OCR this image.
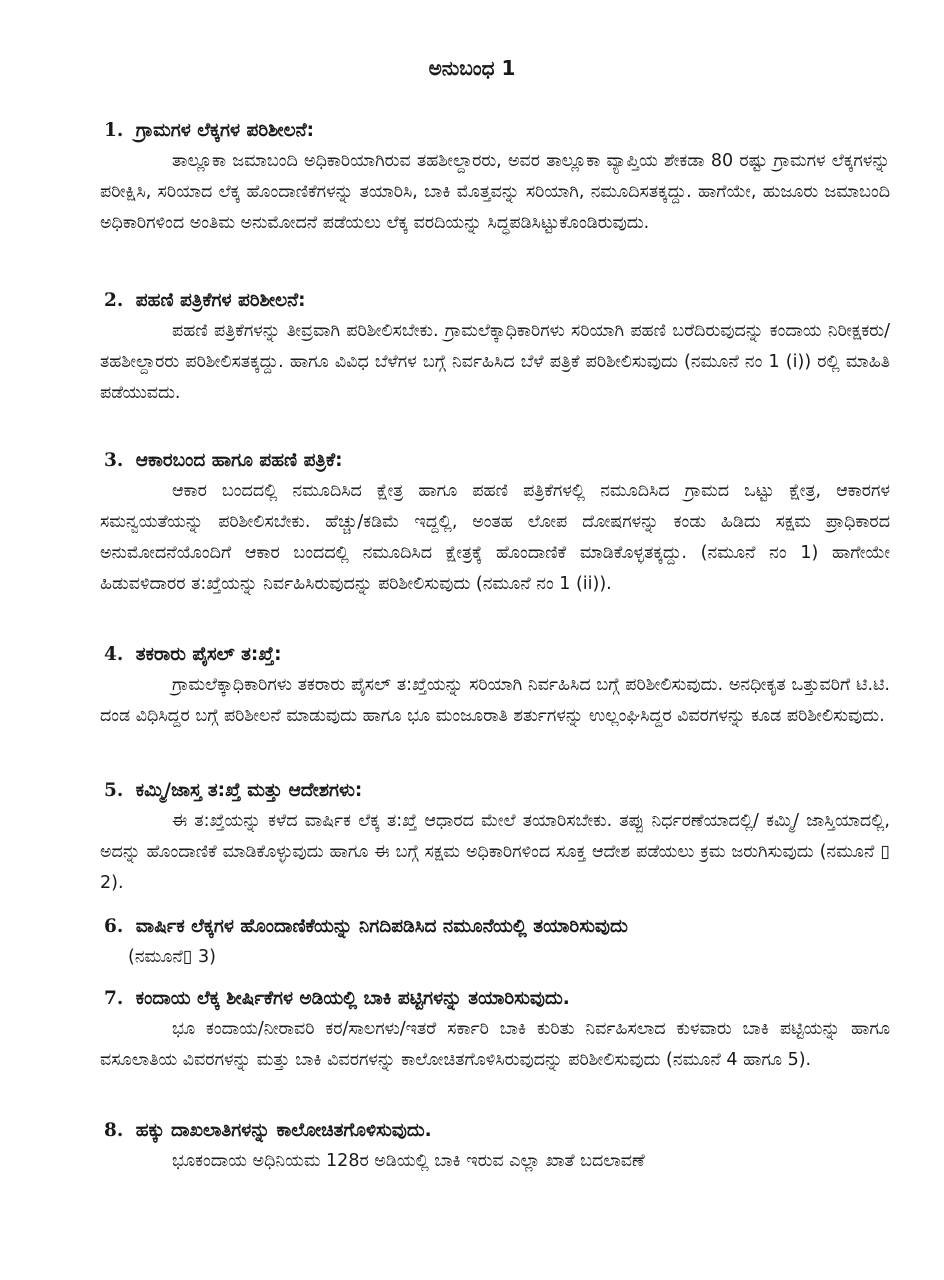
ಅನುಬಂಧ 1
1. ಗ್ರಾಮಗಳ ಲೆಕ್ಕಗಳ ಪರಿಶೀಲನೆ:

ತಾಲ್ಲೂಕಾ ಜಮಾಬಂದಿ ಅಧಿಕಾರಿಯಾಗಿರುವ ತಹಶೀಲ್ದಾರರು, ಅವರ ತಾಲ್ಲೂಕಾ ವ್ಯಾಪ್ತಿಯ ಶೇಕಡಾ 80 ರಷ್ಟು ಗ್ರಾಮಗಳ ಲೆಕ್ಕಗಳನ್ನು ಪರೀಕ್ಷಿಸಿ, ಸರಿಯಾದ ಲೆಕ್ಕ ಹೊಂದಾಣಿಕೆಗಳನ್ನು ತಯಾರಿಸಿ, ಬಾಕಿ ಮೊತ್ತವನ್ನು ಸರಿಯಾಗಿ, ನಮೂದಿಸತಕ್ಕದ್ದು. ಹಾಗೆಯೇ, ಹುಜೂರು ಜಮಾಬಂದಿ ಅಧಿಕಾರಿಗಳಿಂದ ಅಂತಿಮ ಅನುಮೋದನೆ ಪಡೆಯಲು ಲೆಕ್ಕ ವರದಿಯನ್ನು ಸಿದ್ಧಪಡಿಸಿಟ್ಟುಕೊಂಡಿರುವುದು.

2. ಪಹಣಿ ಪತ್ರಿಕೆಗಳ ಪರಿಶೀಲನೆ:

ಪಹಣಿ ಪತ್ರಿಕೆಗಳನ್ನು ತೀವ್ರವಾಗಿ ಪರಿಶೀಲಿಸಬೇಕು. ಗ್ರಾಮಲೆಕ್ಕಾಧಿಕಾರಿಗಳು ಸರಿಯಾಗಿ ಪಹಣಿ ಬರೆದಿರುವುದನ್ನು ಕಂದಾಯ ನಿರೀಕ್ಷಕರು/ತಹಶೀಲ್ದಾರರು ಪರಿಶೀಲಿಸತಕ್ಕದ್ದು. ಹಾಗೂ ವಿವಿಧ ಬೆಳೆಗಳ ಬಗ್ಗೆ ನಿರ್ವಹಿಸಿದ ಬೆಳೆ ಪತ್ರಿಕೆ ಪರಿಶೀಲಿಸುವುದು (ನಮೂನೆ ನಂ 1 (i)) ರಲ್ಲಿ ಮಾಹಿತಿ ಪಡೆಯುವದು.

3. ಆಕಾರಬಂದ ಹಾಗೂ ಪಹಣಿ ಪತ್ರಿಕೆ:

ಆಕಾರ ಬಂದದಲ್ಲಿ ನಮೂದಿಸಿದ ಕ್ಷೇತ್ರ ಹಾಗೂ ಪಹಣಿ ಪತ್ರಿಕೆಗಳಲ್ಲಿ ನಮೂದಿಸಿದ ಗ್ರಾಮದ ಒಟ್ಟು ಕ್ಷೇತ್ರ, ಆಕಾರಗಳ ಸಮನ್ವಯತೆಯನ್ನು ಪರಿಶೀಲಿಸಬೇಕು. ಹೆಚ್ಚು/ಕಡಿಮೆ ಇದ್ದಲ್ಲಿ, ಅಂತಹ ಲೋಪ ದೋಷಗಳನ್ನು ಕಂಡು ಹಿಡಿದು ಸಕ್ಷಮ ಪ್ರಾಧಿಕಾರದ ಅನುಮೋದನೆಯೊಂದಿಗೆ ಆಕಾರ ಬಂದದಲ್ಲಿ ನಮೂದಿಸಿದ ಕ್ಷೇತ್ರಕ್ಕೆ ಹೊಂದಾಣಿಕೆ ಮಾಡಿಕೊಳ್ಳತಕ್ಕದ್ದು. (ನಮೂನೆ ನಂ 1) ಹಾಗೇಯೇ ಹಿಡುವಳಿದಾರರ ತ:ಖ್ತೆಯನ್ನು ನಿರ್ವಹಿಸಿರುವುದನ್ನು ಪರಿಶೀಲಿಸುವುದು (ನಮೂನೆ ನಂ 1 (ii)).

4. ತಕರಾರು ಪೈಸಲ್ ತ:ಖ್ತೆ:

ಗ್ರಾಮಲೆಕ್ಕಾಧಿಕಾರಿಗಳು ತಕರಾರು ಪೈಸಲ್ ತ:ಖ್ತೆಯನ್ನು ಸರಿಯಾಗಿ ನಿರ್ವಹಿಸಿದ ಬಗ್ಗೆ ಪರಿಶೀಲಿಸುವುದು. ಅನಧೀಕೃತ ಒತ್ತುವರಿಗೆ ಟಿ.ಟಿ. ದಂಡ ವಿಧಿಸಿದ್ದರ ಬಗ್ಗೆ ಪರಿಶೀಲನೆ ಮಾಡುವುದು ಹಾಗೂ ಭೂ ಮಂಜೂರಾತಿ ಶರ್ತುಗಳನ್ನು ಉಲ್ಲಂಘಿಸಿದ್ದರ ವಿವರಗಳನ್ನು ಕೂಡ ಪರಿಶೀಲಿಸುವುದು.

5. ಕಮ್ಮಿ/ಜಾಸ್ತ ತ:ಖ್ತೆ ಮತ್ತು ಆದೇಶಗಳು:

ಈ ತ:ಖ್ತೆಯನ್ನು ಕಳೆದ ವಾರ್ಷಿಕ ಲೆಕ್ಕ ತ:ಖ್ತೆ ಆಧಾರದ ಮೇಲೆ ತಯಾರಿಸಬೇಕು. ತಪ್ಪು ನಿರ್ಧರಣೆಯಾದಲ್ಲಿ/ ಕಮ್ಮಿ/ ಜಾಸ್ತಿಯಾದಲ್ಲಿ, ಅದನ್ನು ಹೊಂದಾಣಿಕೆ ಮಾಡಿಕೊಳ್ಳುವುದು ಹಾಗೂ ಈ ಬಗ್ಗೆ ಸಕ್ಷಮ ಅಧಿಕಾರಿಗಳಿಂದ ಸೂಕ್ತ ಆದೇಶ ಪಡೆಯಲು ಕ್ರಮ ಜರುಗಿಸುವುದು (ನಮೂನೆ ▯ 2).

6. ವಾರ್ಷಿಕ ಲೆಕ್ಕಗಳ ಹೊಂದಾಣಿಕೆಯನ್ನು ನಿಗದಿಪಡಿಸಿದ ನಮೂನೆಯಲ್ಲಿ ತಯಾರಿಸುವುದು
(ನಮೂನೆ▯ 3)
7. ಕಂದಾಯ ಲೆಕ್ಕ ಶೀರ್ಷಿಕೆಗಳ ಅಡಿಯಲ್ಲಿ ಬಾಕಿ ಪಟ್ಟಿಗಳನ್ನು ತಯಾರಿಸುವುದು.

ಭೂ ಕಂದಾಯ/ನೀರಾವರಿ ಕರ/ಸಾಲಗಳು/ಇತರೆ ಸರ್ಕಾರಿ ಬಾಕಿ ಕುರಿತು ನಿರ್ವಹಿಸಲಾದ ಕುಳವಾರು ಬಾಕಿ ಪಟ್ಟಿಯನ್ನು ಹಾಗೂ ವಸೂಲಾತಿಯ ವಿವರಗಳನ್ನು ಮತ್ತು ಬಾಕಿ ವಿವರಗಳನ್ನು ಕಾಲೋಚಿತಗೊಳಿಸಿರುವುದನ್ನು ಪರಿಶೀಲಿಸುವುದು (ನಮೂನೆ 4 ಹಾಗೂ 5).

8. ಹಕ್ಕು ದಾಖಲಾತಿಗಳನ್ನು ಕಾಲೋಚಿತಗೊಳಿಸುವುದು.

ಭೂಕಂದಾಯ ಅಧಿನಿಯಮ 128ರ ಅಡಿಯಲ್ಲಿ ಬಾಕಿ ಇರುವ ಎಲ್ಲಾ ಖಾತೆ ಬದಲಾವಣೆ
